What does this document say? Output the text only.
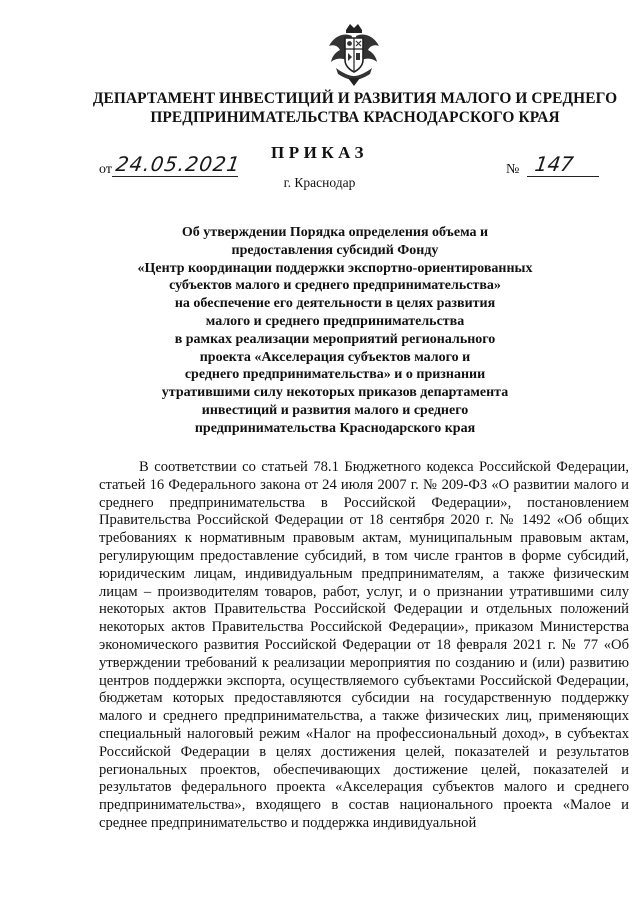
ДЕПАРТАМЕНТ ИНВЕСТИЦИЙ И РАЗВИТИЯ МАЛОГО И СРЕДНЕГО
ПРЕДПРИНИМАТЕЛЬСТВА КРАСНОДАРСКОГО КРАЯ
ПРИКАЗ
от 24.05.2021	№ 147
г. Краснодар
Об утверждении Порядка определения объема и
предоставления субсидий Фонду
«Центр координации поддержки экспортно-ориентированных
субъектов малого и среднего предпринимательства»
на обеспечение его деятельности в целях развития
малого и среднего предпринимательства
в рамках реализации мероприятий регионального
проекта «Акселерация субъектов малого и
среднего предпринимательства» и о признании
утратившими силу некоторых приказов департамента
инвестиций и развития малого и среднего
предпринимательства Краснодарского края
В соответствии со статьей 78.1 Бюджетного кодекса Российской Федерации, статьей 16 Федерального закона от 24 июля 2007 г. № 209-ФЗ «О развитии малого и среднего предпринимательства в Российской Федерации», постановлением Правительства Российской Федерации от 18 сентября 2020 г. № 1492 «Об общих требованиях к нормативным правовым актам, муниципальным правовым актам, регулирующим предоставление субсидий, в том числе грантов в форме субсидий, юридическим лицам, индивидуальным предпринимателям, а также физическим лицам – производителям товаров, работ, услуг, и о признании утратившими силу некоторых актов Правительства Российской Федерации и отдельных положений некоторых актов Правительства Российской Федерации», приказом Министерства экономического развития Российской Федерации от 18 февраля 2021 г. № 77 «Об утверждении требований к реализации мероприятия по созданию и (или) развитию центров поддержки экспорта, осуществляемого субъектами Российской Федерации, бюджетам которых предоставляются субсидии на государственную поддержку малого и среднего предпринимательства, а также физических лиц, применяющих специальный налоговый режим «Налог на профессиональный доход», в субъектах Российской Федерации в целях достижения целей, показателей и результатов региональных проектов, обеспечивающих достижение целей, показателей и результатов федерального проекта «Акселерация субъектов малого и среднего предпринимательства», входящего в состав национального проекта «Малое и среднее предпринимательство и поддержка индивидуальной
